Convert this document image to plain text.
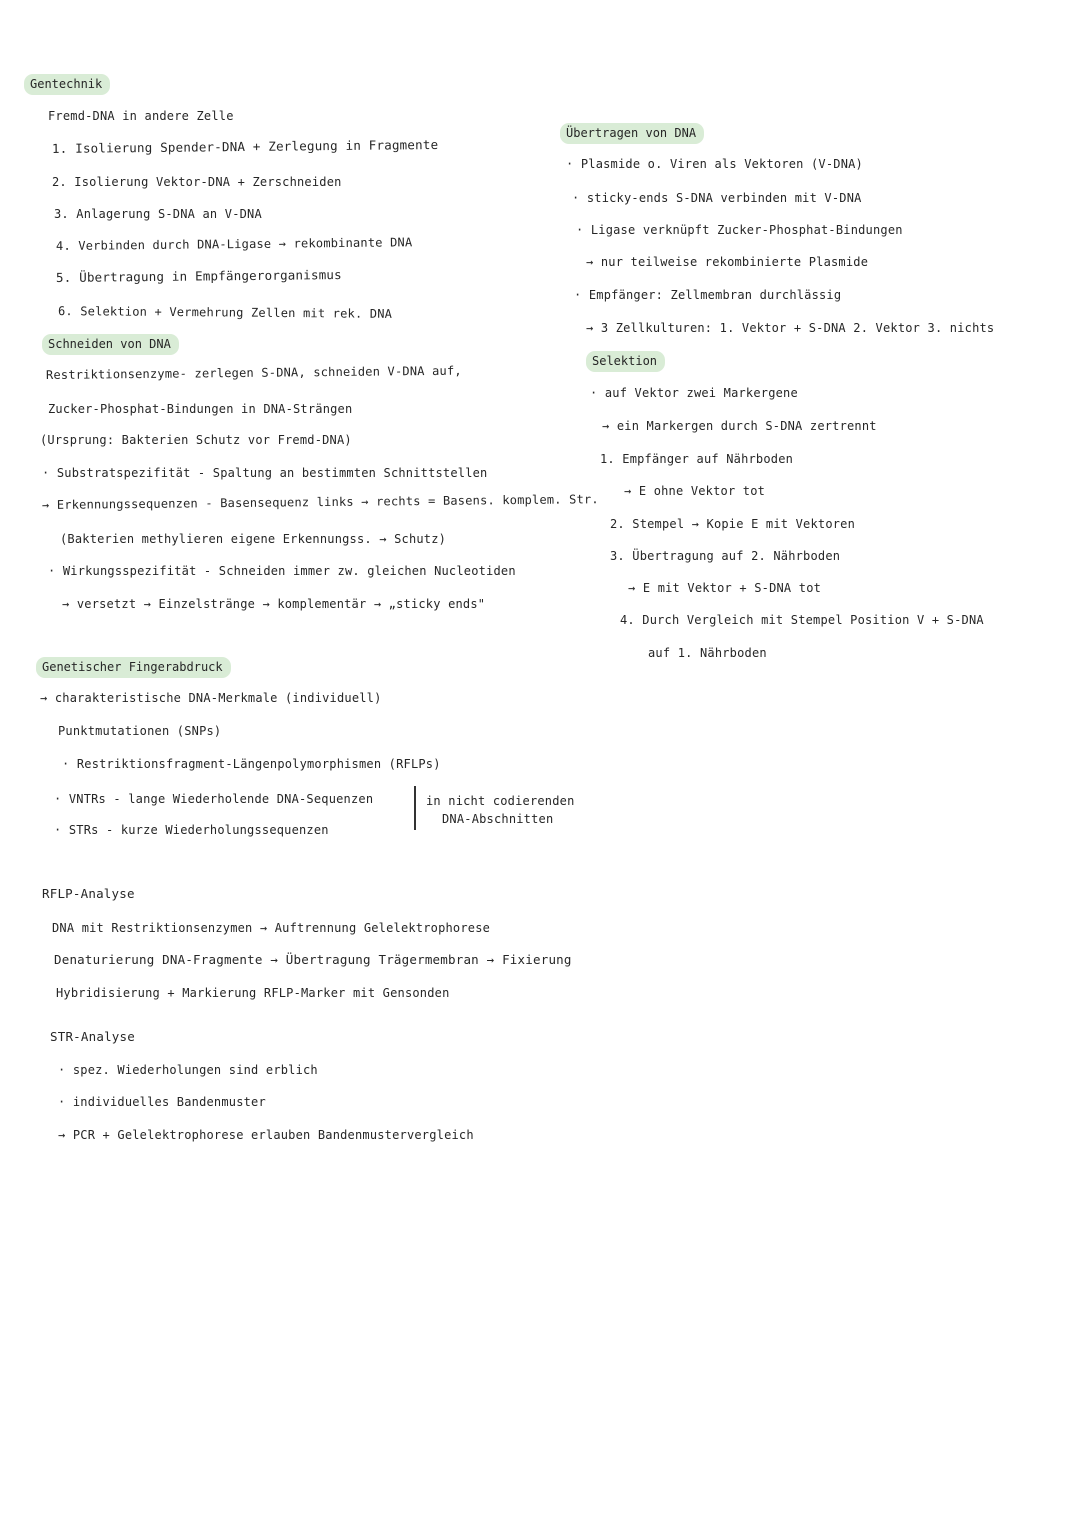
Gentechnik
Fremd-DNA in andere Zelle
1. Isolierung Spender-DNA + Zerlegung in Fragmente
2. Isolierung Vektor-DNA + Zerschneiden
3. Anlagerung S-DNA an V-DNA
4. Verbinden durch DNA-Ligase → rekombinante DNA
5. Übertragung in Empfängerorganismus
6. Selektion + Vermehrung Zellen mit rek. DNA
Schneiden von DNA
Restriktionsenzyme- zerlegen S-DNA, schneiden V-DNA auf,
Zucker-Phosphat-Bindungen in DNA-Strängen
(Ursprung: Bakterien Schutz vor Fremd-DNA)
· Substratspezifität - Spaltung an bestimmten Schnittstellen
→ Erkennungssequenzen - Basensequenz links → rechts = Basens. komplem. Str.
(Bakterien methylieren eigene Erkennungss. → Schutz)
· Wirkungsspezifität - Schneiden immer zw. gleichen Nucleotiden
→ versetzt → Einzelstränge → komplementär → „sticky ends"
Genetischer Fingerabdruck
→ charakteristische DNA-Merkmale (individuell)
Punktmutationen (SNPs)
· Restriktionsfragment-Längenpolymorphismen (RFLPs)
· VNTRs - lange Wiederholende DNA-Sequenzen
· STRs - kurze Wiederholungssequenzen
in nicht codierenden
DNA-Abschnitten
RFLP-Analyse
DNA mit Restriktionsenzymen → Auftrennung Gelelektrophorese
Denaturierung DNA-Fragmente → Übertragung Trägermembran → Fixierung
Hybridisierung + Markierung RFLP-Marker mit Gensonden
STR-Analyse
· spez. Wiederholungen sind erblich
· individuelles Bandenmuster
→ PCR + Gelelektrophorese erlauben Bandenmustervergleich
Übertragen von DNA
· Plasmide o. Viren als Vektoren (V-DNA)
· sticky-ends S-DNA verbinden mit V-DNA
· Ligase verknüpft Zucker-Phosphat-Bindungen
→ nur teilweise rekombinierte Plasmide
· Empfänger: Zellmembran durchlässig
→ 3 Zellkulturen: 1. Vektor + S-DNA 2. Vektor 3. nichts
Selektion
· auf Vektor zwei Markergene
→ ein Markergen durch S-DNA zertrennt
1. Empfänger auf Nährboden
→ E ohne Vektor tot
2. Stempel → Kopie E mit Vektoren
3. Übertragung auf 2. Nährboden
→ E mit Vektor + S-DNA tot
4. Durch Vergleich mit Stempel Position V + S-DNA
auf 1. Nährboden
